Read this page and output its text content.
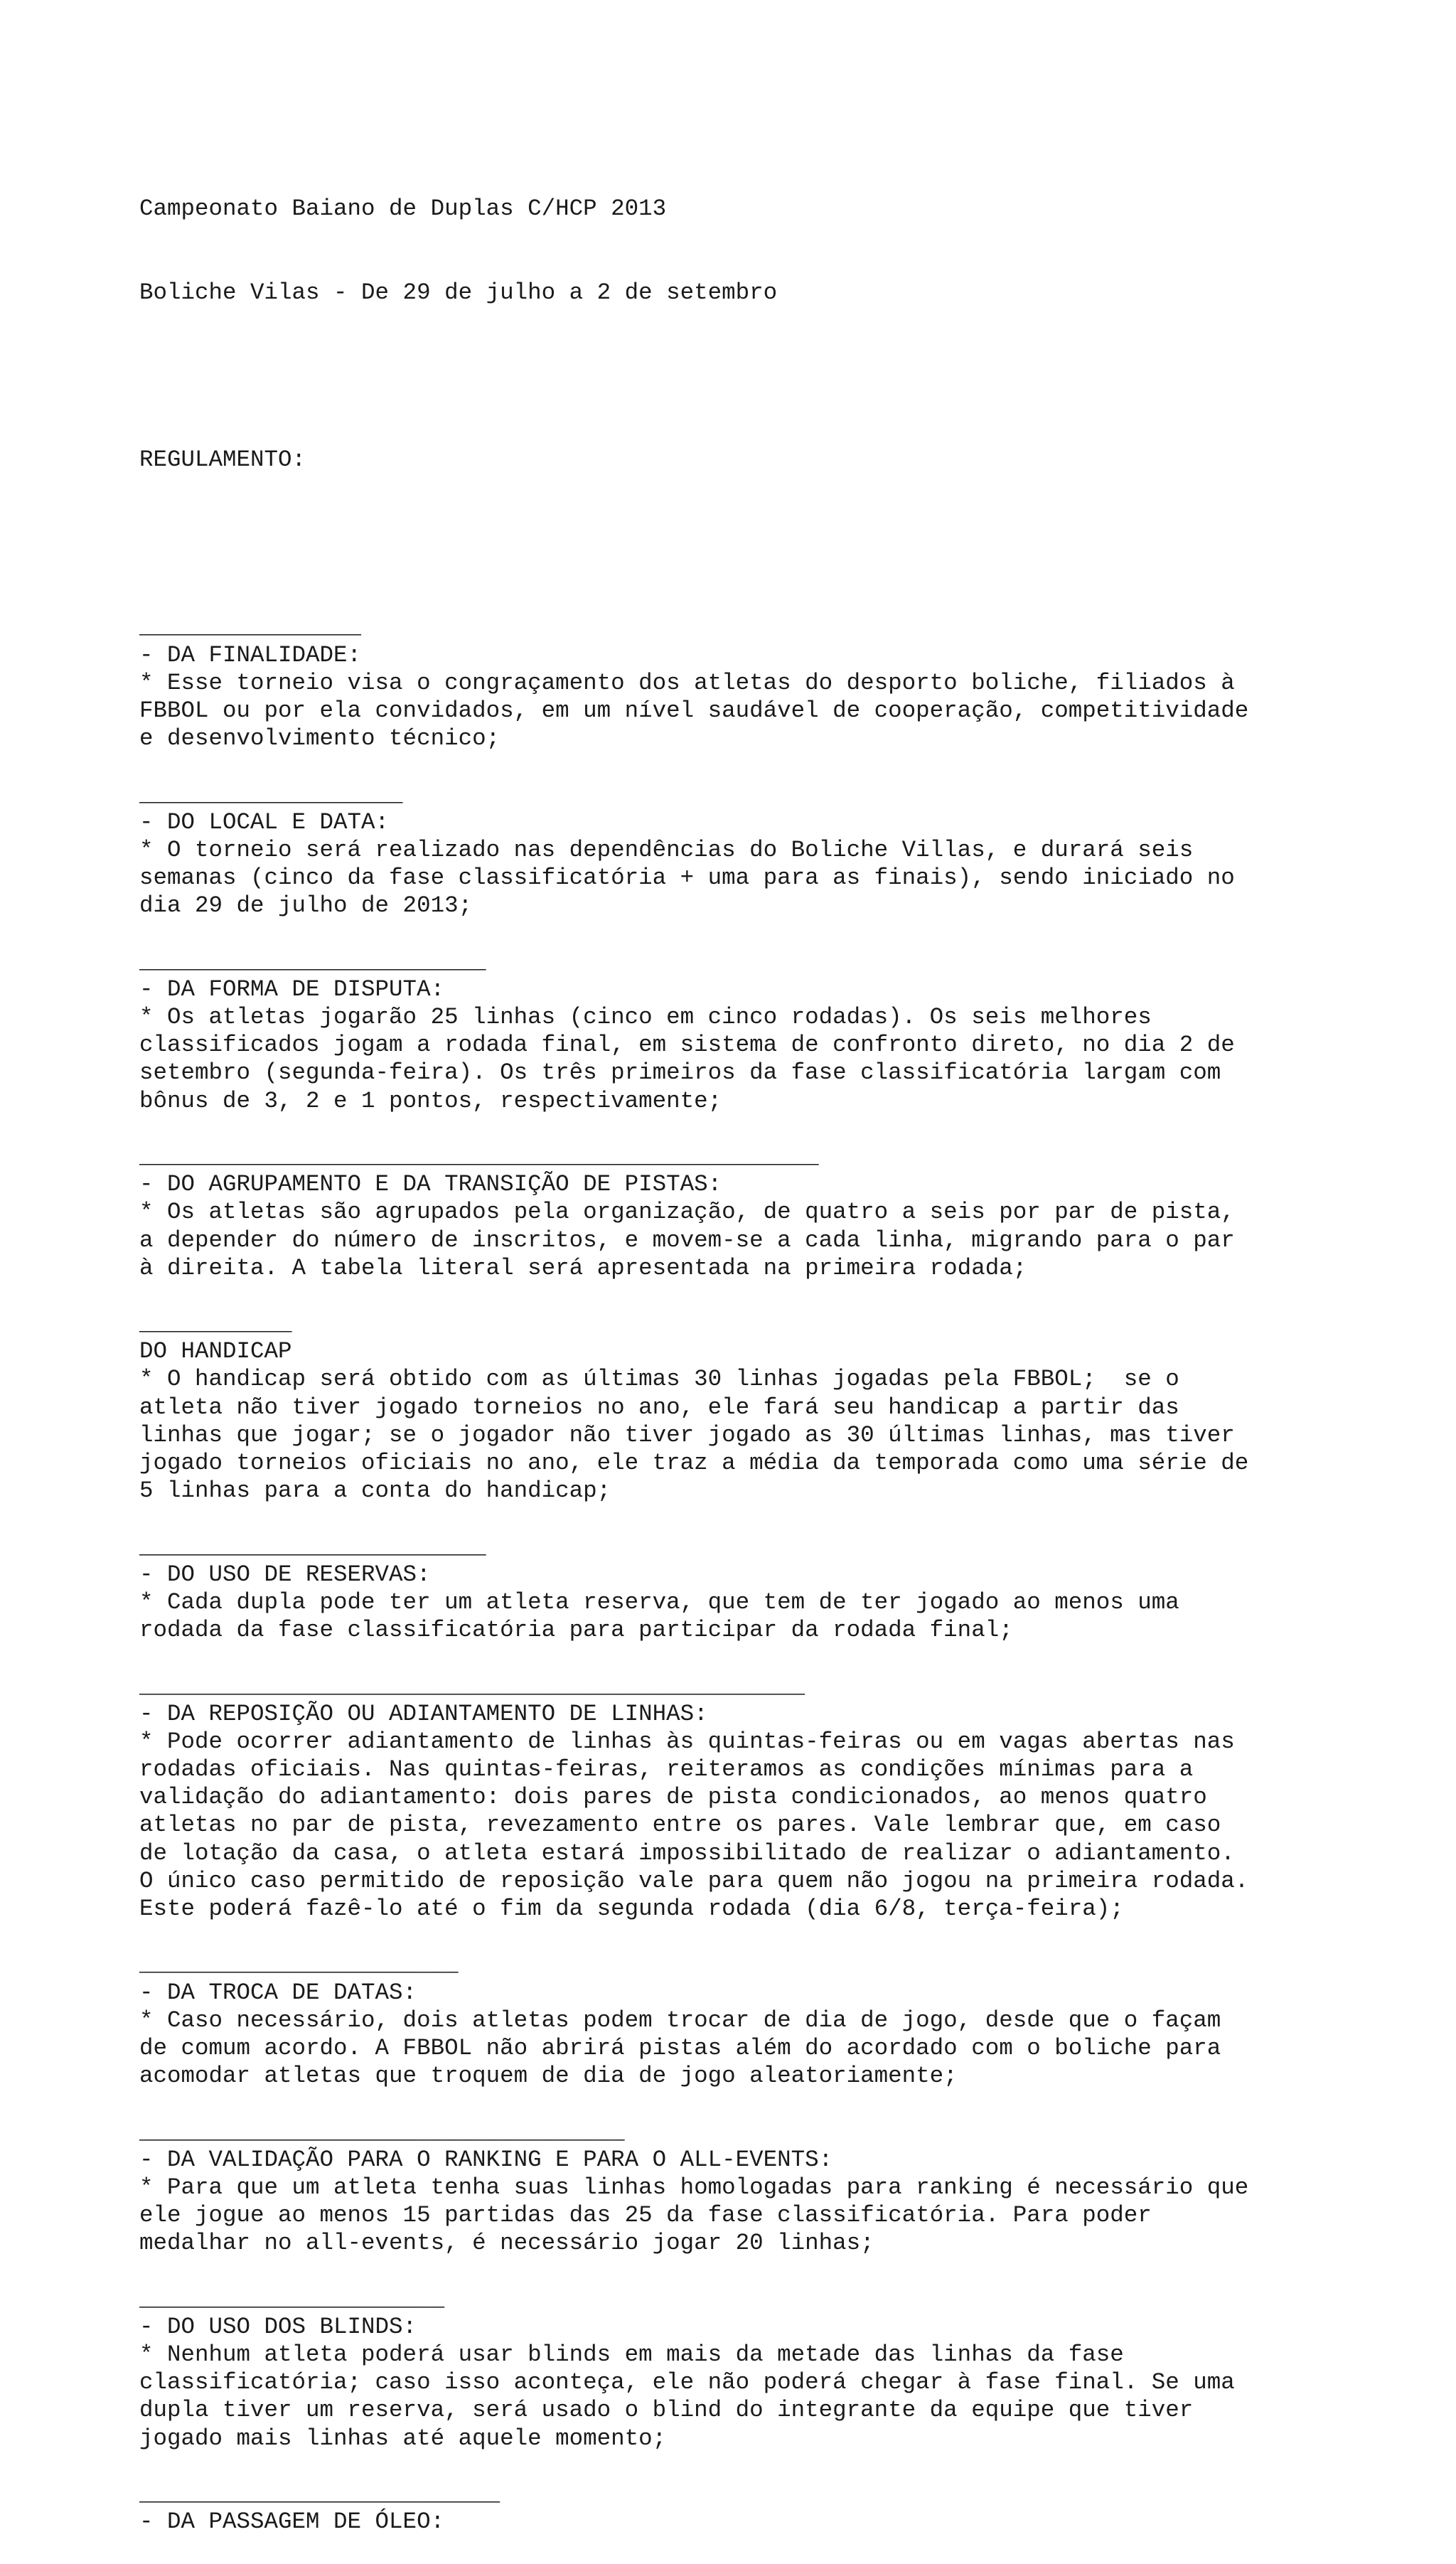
Campeonato Baiano de Duplas C/HCP 2013

Boliche Vilas - De 29 de julho a 2 de setembro

REGULAMENTO:

________________
- DA FINALIDADE:
* Esse torneio visa o congraçamento dos atletas do desporto boliche, filiados à
FBBOL ou por ela convidados, em um nível saudável de cooperação, competitividade
e desenvolvimento técnico;
___________________
- DO LOCAL E DATA:
* O torneio será realizado nas dependências do Boliche Villas, e durará seis
semanas (cinco da fase classificatória + uma para as finais), sendo iniciado no
dia 29 de julho de 2013;
_________________________
- DA FORMA DE DISPUTA:
* Os atletas jogarão 25 linhas (cinco em cinco rodadas). Os seis melhores
classificados jogam a rodada final, em sistema de confronto direto, no dia 2 de
setembro (segunda-feira). Os três primeiros da fase classificatória largam com
bônus de 3, 2 e 1 pontos, respectivamente;
_________________________________________________
- DO AGRUPAMENTO E DA TRANSIÇÃO DE PISTAS:
* Os atletas são agrupados pela organização, de quatro a seis por par de pista,
a depender do número de inscritos, e movem-se a cada linha, migrando para o par
à direita. A tabela literal será apresentada na primeira rodada;
___________
DO HANDICAP
* O handicap será obtido com as últimas 30 linhas jogadas pela FBBOL;  se o
atleta não tiver jogado torneios no ano, ele fará seu handicap a partir das
linhas que jogar; se o jogador não tiver jogado as 30 últimas linhas, mas tiver
jogado torneios oficiais no ano, ele traz a média da temporada como uma série de
5 linhas para a conta do handicap;
_________________________
- DO USO DE RESERVAS:
* Cada dupla pode ter um atleta reserva, que tem de ter jogado ao menos uma
rodada da fase classificatória para participar da rodada final;
________________________________________________
- DA REPOSIÇÃO OU ADIANTAMENTO DE LINHAS:
* Pode ocorrer adiantamento de linhas às quintas-feiras ou em vagas abertas nas
rodadas oficiais. Nas quintas-feiras, reiteramos as condições mínimas para a
validação do adiantamento: dois pares de pista condicionados, ao menos quatro
atletas no par de pista, revezamento entre os pares. Vale lembrar que, em caso
de lotação da casa, o atleta estará impossibilitado de realizar o adiantamento.
O único caso permitido de reposição vale para quem não jogou na primeira rodada.
Este poderá fazê-lo até o fim da segunda rodada (dia 6/8, terça-feira);
_______________________
- DA TROCA DE DATAS:
* Caso necessário, dois atletas podem trocar de dia de jogo, desde que o façam
de comum acordo. A FBBOL não abrirá pistas além do acordado com o boliche para
acomodar atletas que troquem de dia de jogo aleatoriamente;
___________________________________
- DA VALIDAÇÃO PARA O RANKING E PARA O ALL-EVENTS:
* Para que um atleta tenha suas linhas homologadas para ranking é necessário que
ele jogue ao menos 15 partidas das 25 da fase classificatória. Para poder
medalhar no all-events, é necessário jogar 20 linhas;
______________________
- DO USO DOS BLINDS:
* Nenhum atleta poderá usar blinds em mais da metade das linhas da fase
classificatória; caso isso aconteça, ele não poderá chegar à fase final. Se uma
dupla tiver um reserva, será usado o blind do integrante da equipe que tiver
jogado mais linhas até aquele momento;
__________________________
- DA PASSAGEM DE ÓLEO:
